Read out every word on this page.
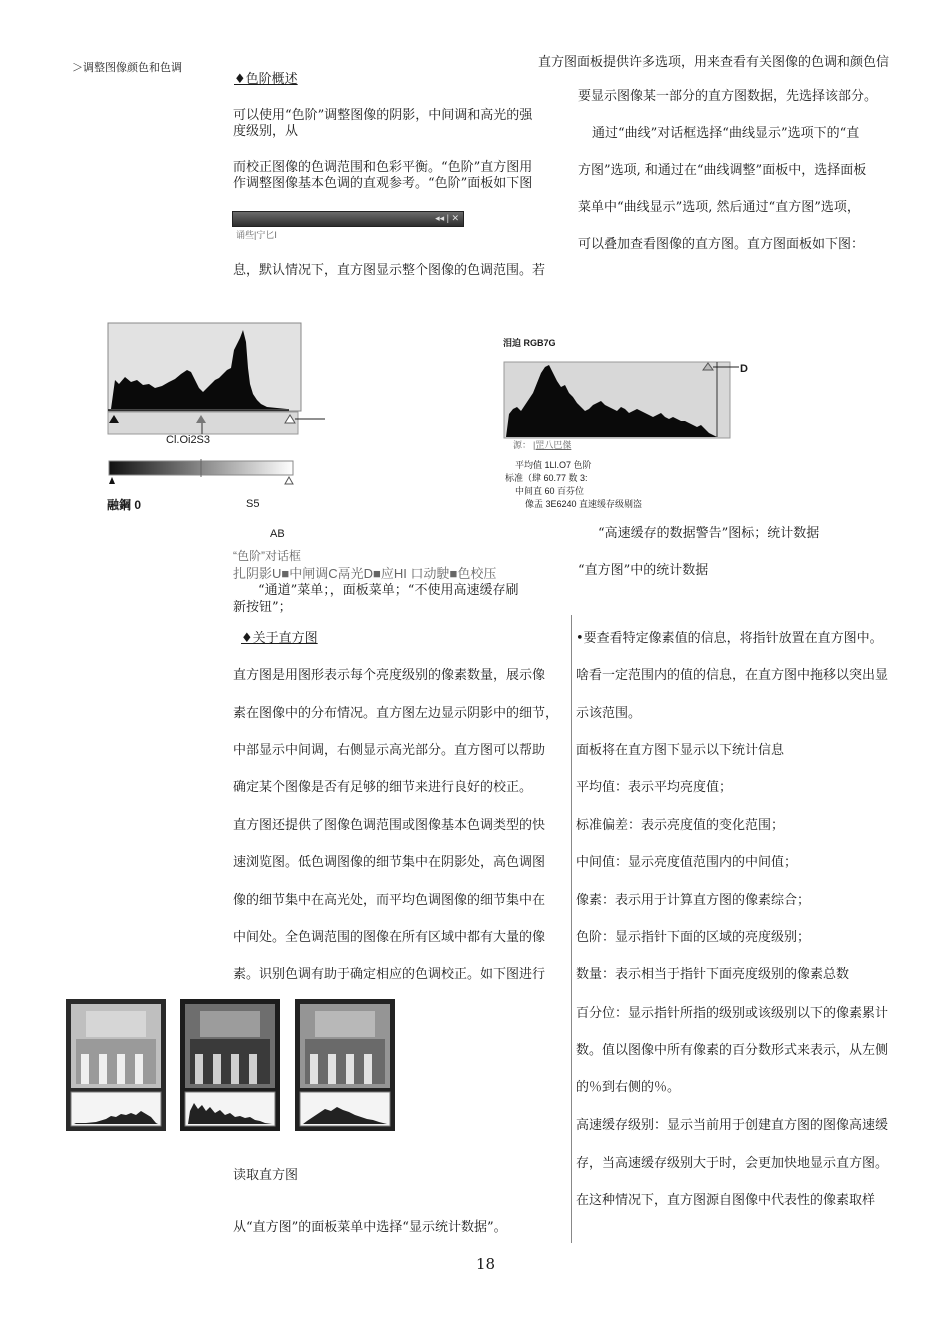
＞调整图像颜色和色调	直方图面板提供许多选项，用来查看有关图像的色调和颜色信
♦色阶概述
可以使用“色阶”调整图像的阴影，中间调和高光的强
度级别，从
而校正图像的色调范围和色彩平衡。“色阶”直方图用
作调整图像基本色调的直观参考。“色阶”面板如下图
◂◂ | ✕
诵些|宁匕I
息，默认情况下，直方图显示整个图像的色调范围。若
要显示图像某一部分的直方图数据，先选择该部分。
通过“曲线”对话框选择“曲线显示”选项下的“直
方图”选项, 和通过在“曲线调整”面板中，选择面板
菜单中“曲线显示”选项, 然后通过“直方图”选项，
可以叠加查看图像的直方图。直方图面板如下图：
Cl.Oi2S3
融鋼 0	S5
AB
“色阶”对话框
扎阴影U■中闸调C鬲光D■应HI 口动駛■色校压
“通道”菜单；，面板菜单；“不使用高速缓存刷
新按钮”；
泪迫 RGB7G
D
源： |罡八巴傑
平均值 1Ll.O7 色阶
标准（肆 60.77 数 3:
中间直 60 百芬位
像盂 3E6240 直速缓存级剔盗
“高速缓存的数据警告”图标；统计数据
“直方图”中的统计数据
♦关于直方图
直方图是用图形表示每个亮度级别的像素数量，展示像
素在图像中的分布情况。直方图左边显示阴影中的细节，
中部显示中间调，右侧显示高光部分。直方图可以帮助
确定某个图像是否有足够的细节来进行良好的校正。
直方图还提供了图像色调范围或图像基本色调类型的快
速浏览图。低色调图像的细节集中在阴影处，高色调图
像的细节集中在高光处，而平均色调图像的细节集中在
中间处。全色调范围的图像在所有区域中都有大量的像
素。识别色调有助于确定相应的色调校正。如下图进行
读取直方图
从“直方图”的面板菜单中选择“显示统计数据”。
•要查看特定像素值的信息，将指针放置在直方图中。
啥看一定范围内的值的信息，在直方图中拖移以突出显
示该范围。
面板将在直方图下显示以下统计信息
平均值：表示平均亮度值；
标准偏差：表示亮度值的变化范围；
中间值：显示亮度值范围内的中间值；
像素：表示用于计算直方图的像素综合；
色阶：显示指针下面的区域的亮度级别；
数量：表示相当于指针下面亮度级别的像素总数
百分位：显示指针所指的级别或该级别以下的像素累计
数。值以图像中所有像素的百分数形式来表示，从左侧
的％到右侧的％。
高速缓存级别：显示当前用于创建直方图的图像高速缓
存，当高速缓存级别大于时，会更加快地显示直方图。
在这种情况下，直方图源自图像中代表性的像素取样
18
